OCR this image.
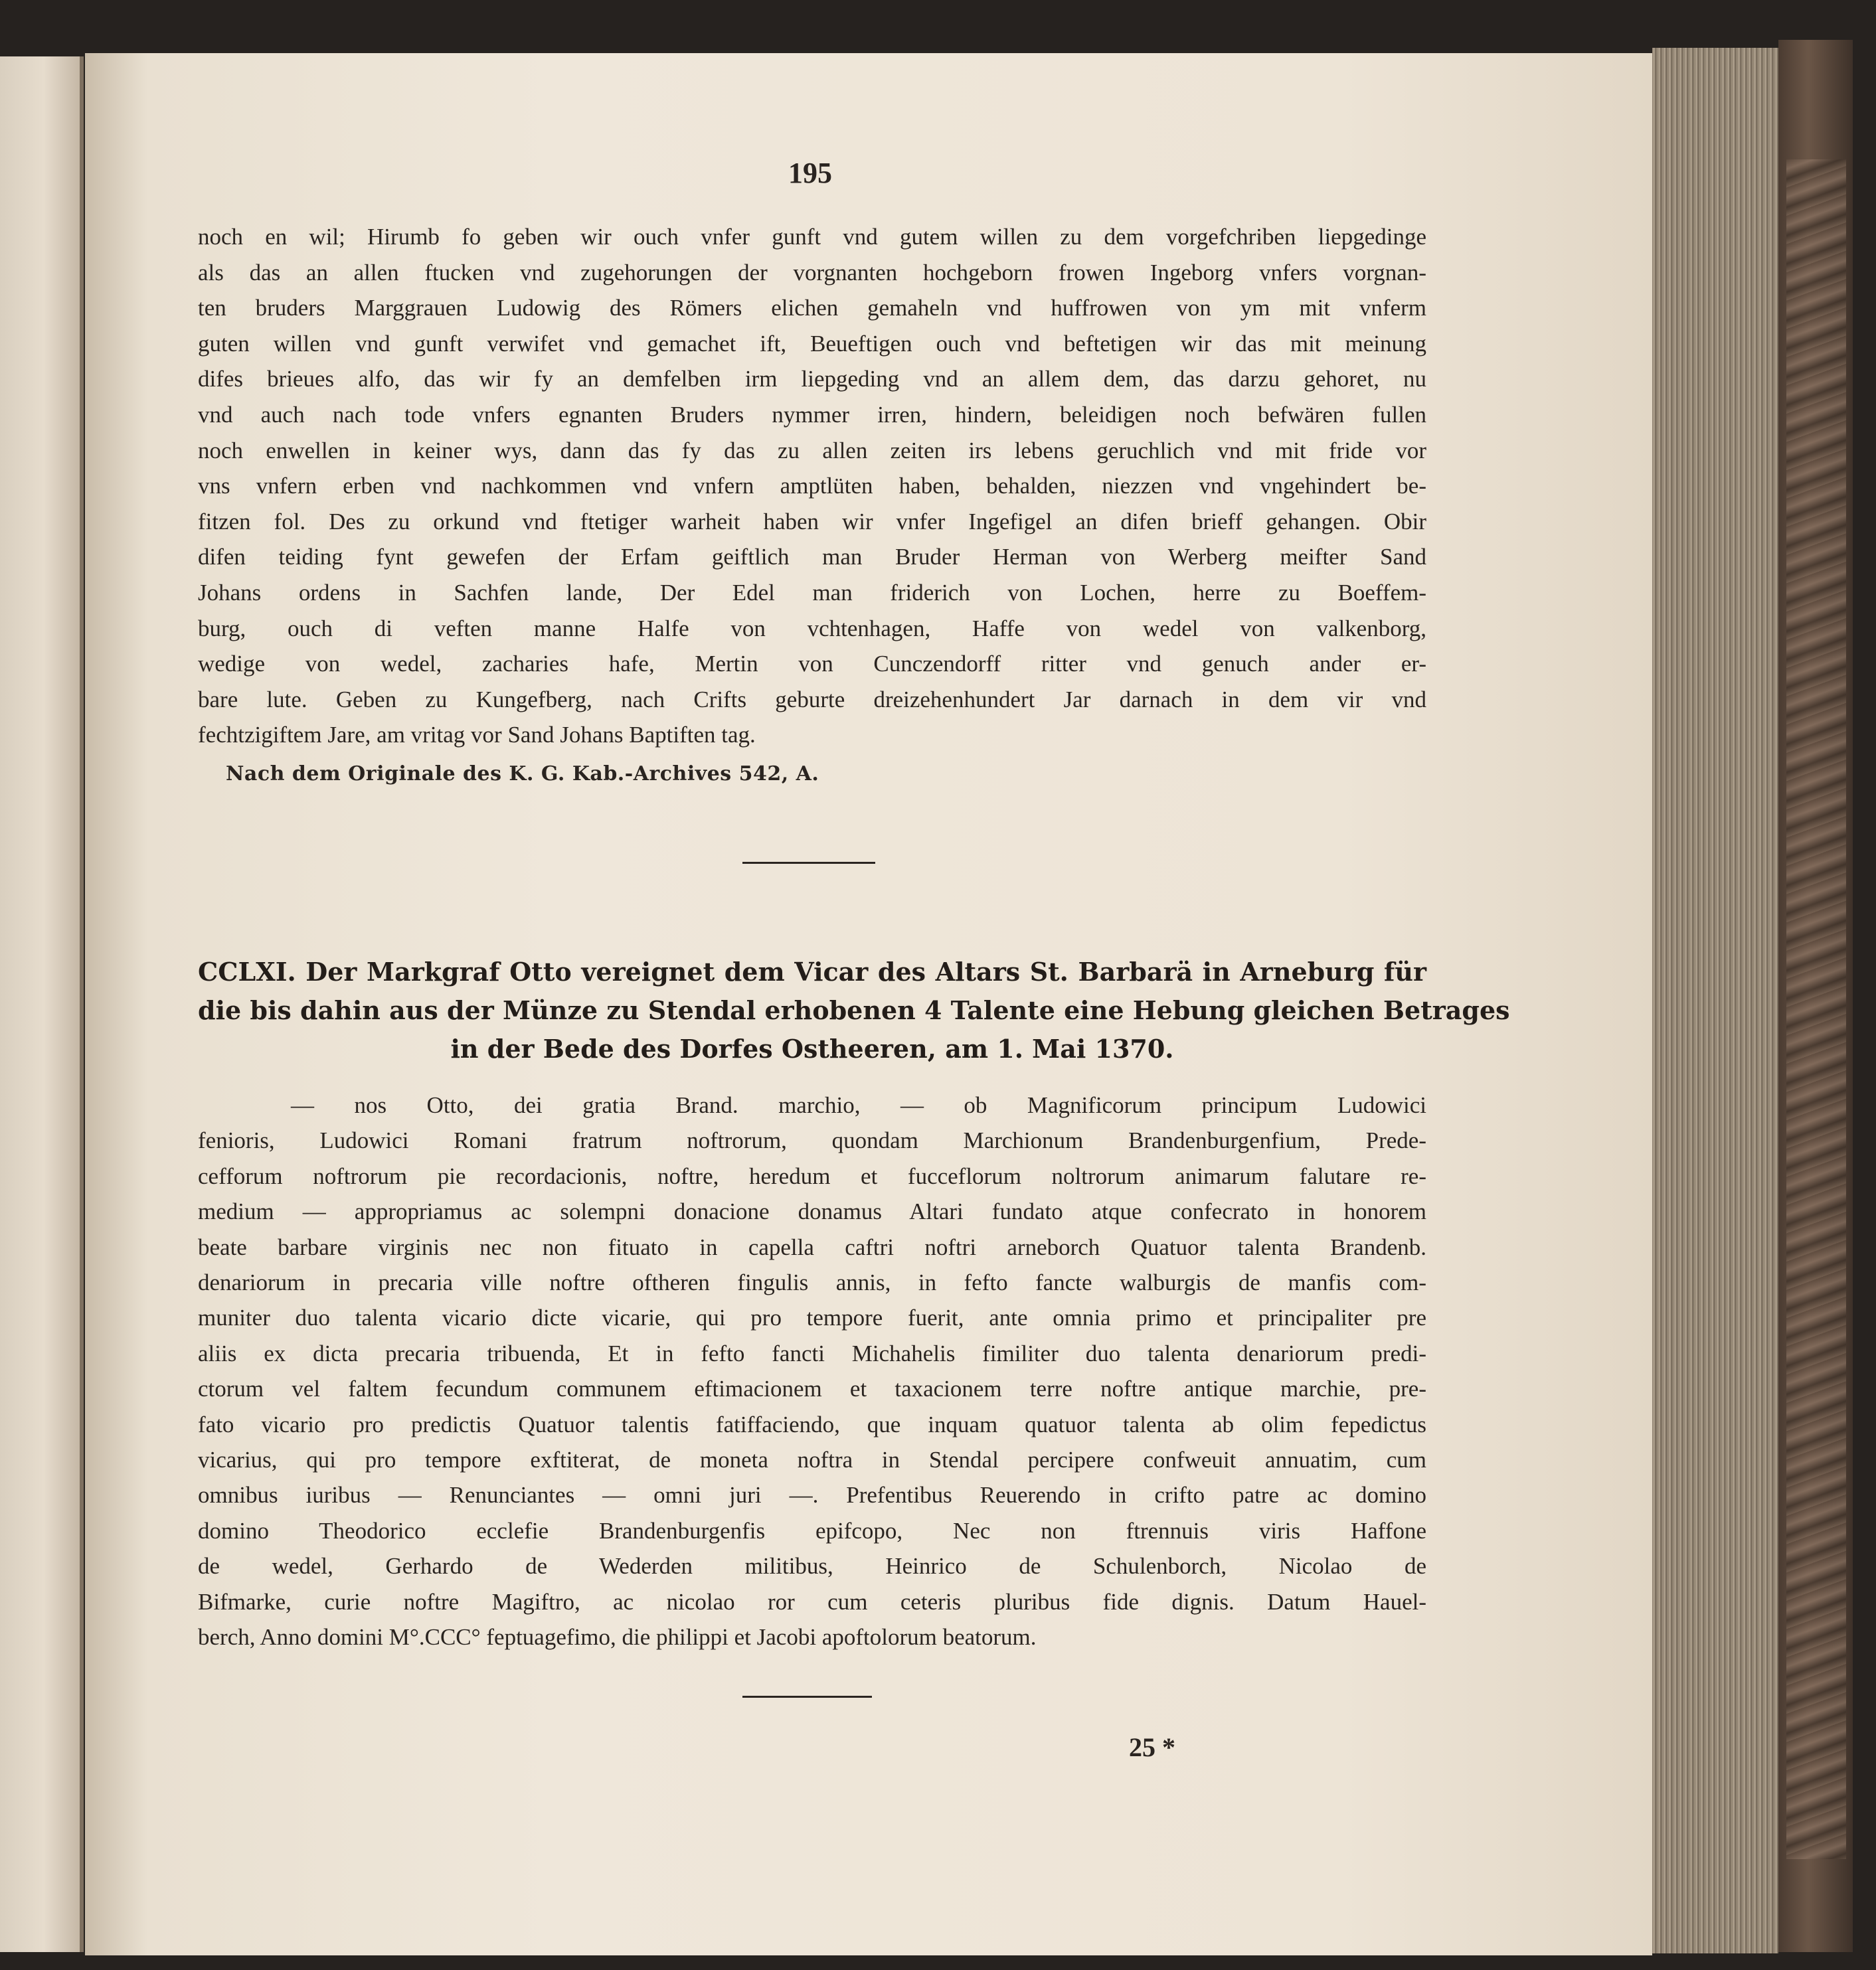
195
noch en wil; Hirumb fo geben wir ouch vnfer gunft vnd gutem willen zu dem vorgefchriben liepgedinge
als das an allen ftucken vnd zugehorungen der vorgnanten hochgeborn frowen Ingeborg vnfers vorgnan-
ten bruders Marggrauen Ludowig des Römers elichen gemaheln vnd huffrowen von ym mit vnferm
guten willen vnd gunft verwifet vnd gemachet ift, Beueftigen ouch vnd beftetigen wir das mit meinung
difes brieues alfo, das wir fy an demfelben irm liepgeding vnd an allem dem, das darzu gehoret, nu
vnd auch nach tode vnfers egnanten Bruders nymmer irren, hindern, beleidigen noch befwären fullen
noch enwellen in keiner wys, dann das fy das zu allen zeiten irs lebens geruchlich vnd mit fride vor
vns vnfern erben vnd nachkommen vnd vnfern amptlüten haben, behalden, niezzen vnd vngehindert be-
fitzen fol. Des zu orkund vnd ftetiger warheit haben wir vnfer Ingefigel an difen brieff gehangen. Obir
difen teiding fynt gewefen der Erfam geiftlich man Bruder Herman von Werberg meifter Sand
Johans ordens in Sachfen lande, Der Edel man friderich von Lochen, herre zu Boeffem-
burg, ouch di veften manne Halfe von vchtenhagen, Haffe von wedel von valkenborg,
wedige von wedel, zacharies hafe, Mertin von Cunczendorff ritter vnd genuch ander er-
bare lute. Geben zu Kungefberg, nach Crifts geburte dreizehenhundert Jar darnach in dem vir vnd
fechtzigiftem Jare, am vritag vor Sand Johans Baptiften tag.
Nach dem Originale des K. G. Kab.-Archives 542, A.
CCLXI. Der Markgraf Otto vereignet dem Vicar des Altars St. Barbarä in Arneburg für
die bis dahin aus der Münze zu Stendal erhobenen 4 Talente eine Hebung gleichen Betrages
in der Bede des Dorfes Ostheeren, am 1. Mai 1370.
— nos Otto, dei gratia Brand. marchio, — ob Magnificorum principum Ludowici
fenioris, Ludowici Romani fratrum noftrorum, quondam Marchionum Brandenburgenfium, Prede-
cefforum noftrorum pie recordacionis, noftre, heredum et fucceflorum noltrorum animarum falutare re-
medium — appropriamus ac solempni donacione donamus Altari fundato atque confecrato in honorem
beate barbare virginis nec non fituato in capella caftri noftri arneborch Quatuor talenta Brandenb.
denariorum in precaria ville noftre oftheren fingulis annis, in fefto fancte walburgis de manfis com-
muniter duo talenta vicario dicte vicarie, qui pro tempore fuerit, ante omnia primo et principaliter pre
aliis ex dicta precaria tribuenda, Et in fefto fancti Michahelis fimiliter duo talenta denariorum predi-
ctorum vel faltem fecundum communem eftimacionem et taxacionem terre noftre antique marchie, pre-
fato vicario pro predictis Quatuor talentis fatiffaciendo, que inquam quatuor talenta ab olim fepedictus
vicarius, qui pro tempore exftiterat, de moneta noftra in Stendal percipere confweuit annuatim, cum
omnibus iuribus — Renunciantes — omni juri —. Prefentibus Reuerendo in crifto patre ac domino
domino Theodorico ecclefie Brandenburgenfis epifcopo, Nec non ftrennuis viris Haffone
de wedel, Gerhardo de Wederden militibus, Heinrico de Schulenborch, Nicolao de
Bifmarke, curie noftre Magiftro, ac nicolao ror cum ceteris pluribus fide dignis. Datum Hauel-
berch, Anno domini M°.CCC° feptuagefimo, die philippi et Jacobi apoftolorum beatorum.
25 *
